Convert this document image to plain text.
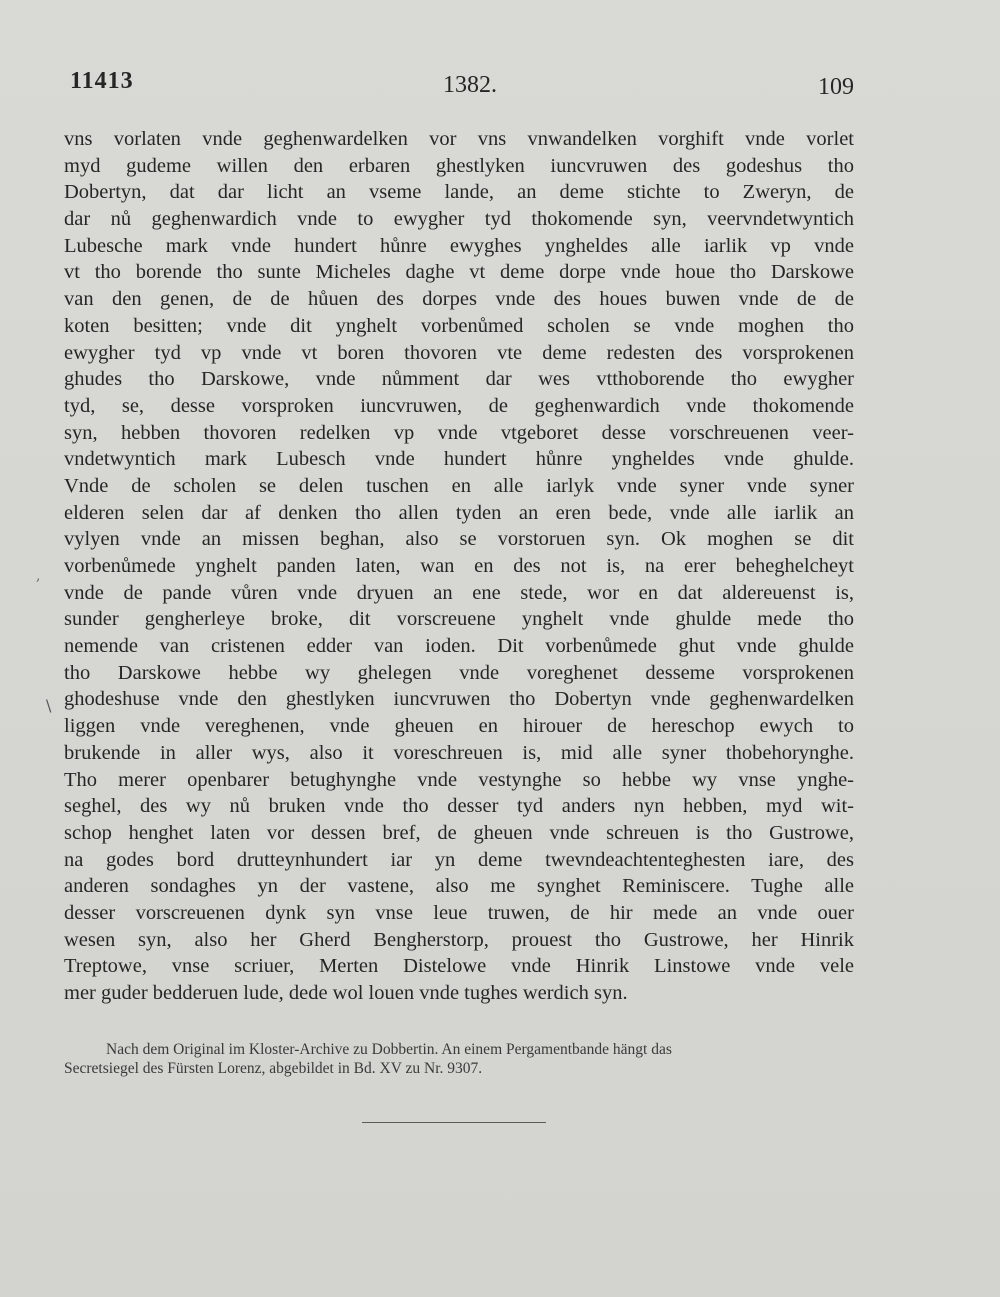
11413	1382.	109
,
\
vns vorlaten vnde geghenwardelken vor vns vnwandelken vorghift vnde vorlet
myd gudeme willen den erbaren ghestlyken iuncvruwen des godeshus tho
Dobertyn, dat dar licht an vseme lande, an deme stichte to Zweryn, de
dar nů geghenwardich vnde to ewygher tyd thokomende syn, veervndetwyntich
Lubesche mark vnde hundert hůnre ewyghes yngheldes alle iarlik vp vnde
vt tho borende tho sunte Micheles daghe vt deme dorpe vnde houe tho Darskowe
van den genen, de de hůuen des dorpes vnde des houes buwen vnde de de
koten besitten; vnde dit ynghelt vorbenůmed scholen se vnde moghen tho
ewygher tyd vp vnde vt boren thovoren vte deme redesten des vorsprokenen
ghudes tho Darskowe, vnde nůmment dar wes vtthoborende tho ewygher
tyd, se, desse vorsproken iuncvruwen, de geghenwardich vnde thokomende
syn, hebben thovoren redelken vp vnde vtgeboret desse vorschreuenen veer-
vndetwyntich mark Lubesch vnde hundert hůnre yngheldes vnde ghulde.
Vnde de scholen se delen tuschen en alle iarlyk vnde syner vnde syner
elderen selen dar af denken tho allen tyden an eren bede, vnde alle iarlik an
vylyen vnde an missen beghan, also se vorstoruen syn. Ok moghen se dit
vorbenůmede ynghelt panden laten, wan en des not is, na erer beheghelcheyt
vnde de pande vůren vnde dryuen an ene stede, wor en dat aldereuenst is,
sunder gengherleye broke, dit vorscreuene ynghelt vnde ghulde mede tho
nemende van cristenen edder van ioden. Dit vorbenůmede ghut vnde ghulde
tho Darskowe hebbe wy ghelegen vnde voreghenet desseme vorsprokenen
ghodeshuse vnde den ghestlyken iuncvruwen tho Dobertyn vnde geghenwardelken
liggen vnde vereghenen, vnde gheuen en hirouer de hereschop ewych to
brukende in aller wys, also it voreschreuen is, mid alle syner thobehorynghe.
Tho merer openbarer betughynghe vnde vestynghe so hebbe wy vnse ynghe-
seghel, des wy nů bruken vnde tho desser tyd anders nyn hebben, myd wit-
schop henghet laten vor dessen bref, de gheuen vnde schreuen is tho Gustrowe,
na godes bord drutteynhundert iar yn deme twevndeachtenteghesten iare, des
anderen sondaghes yn der vastene, also me synghet Reminiscere. Tughe alle
desser vorscreuenen dynk syn vnse leue truwen, de hir mede an vnde ouer
wesen syn, also her Gherd Bengherstorp, prouest tho Gustrowe, her Hinrik
Treptowe, vnse scriuer, Merten Distelowe vnde Hinrik Linstowe vnde vele
mer guder bedderuen lude, dede wol louen vnde tughes werdich syn.
Nach dem Original im Kloster-Archive zu Dobbertin. An einem Pergamentbande hängt das
Secretsiegel des Fürsten Lorenz, abgebildet in Bd. XV zu Nr. 9307.
